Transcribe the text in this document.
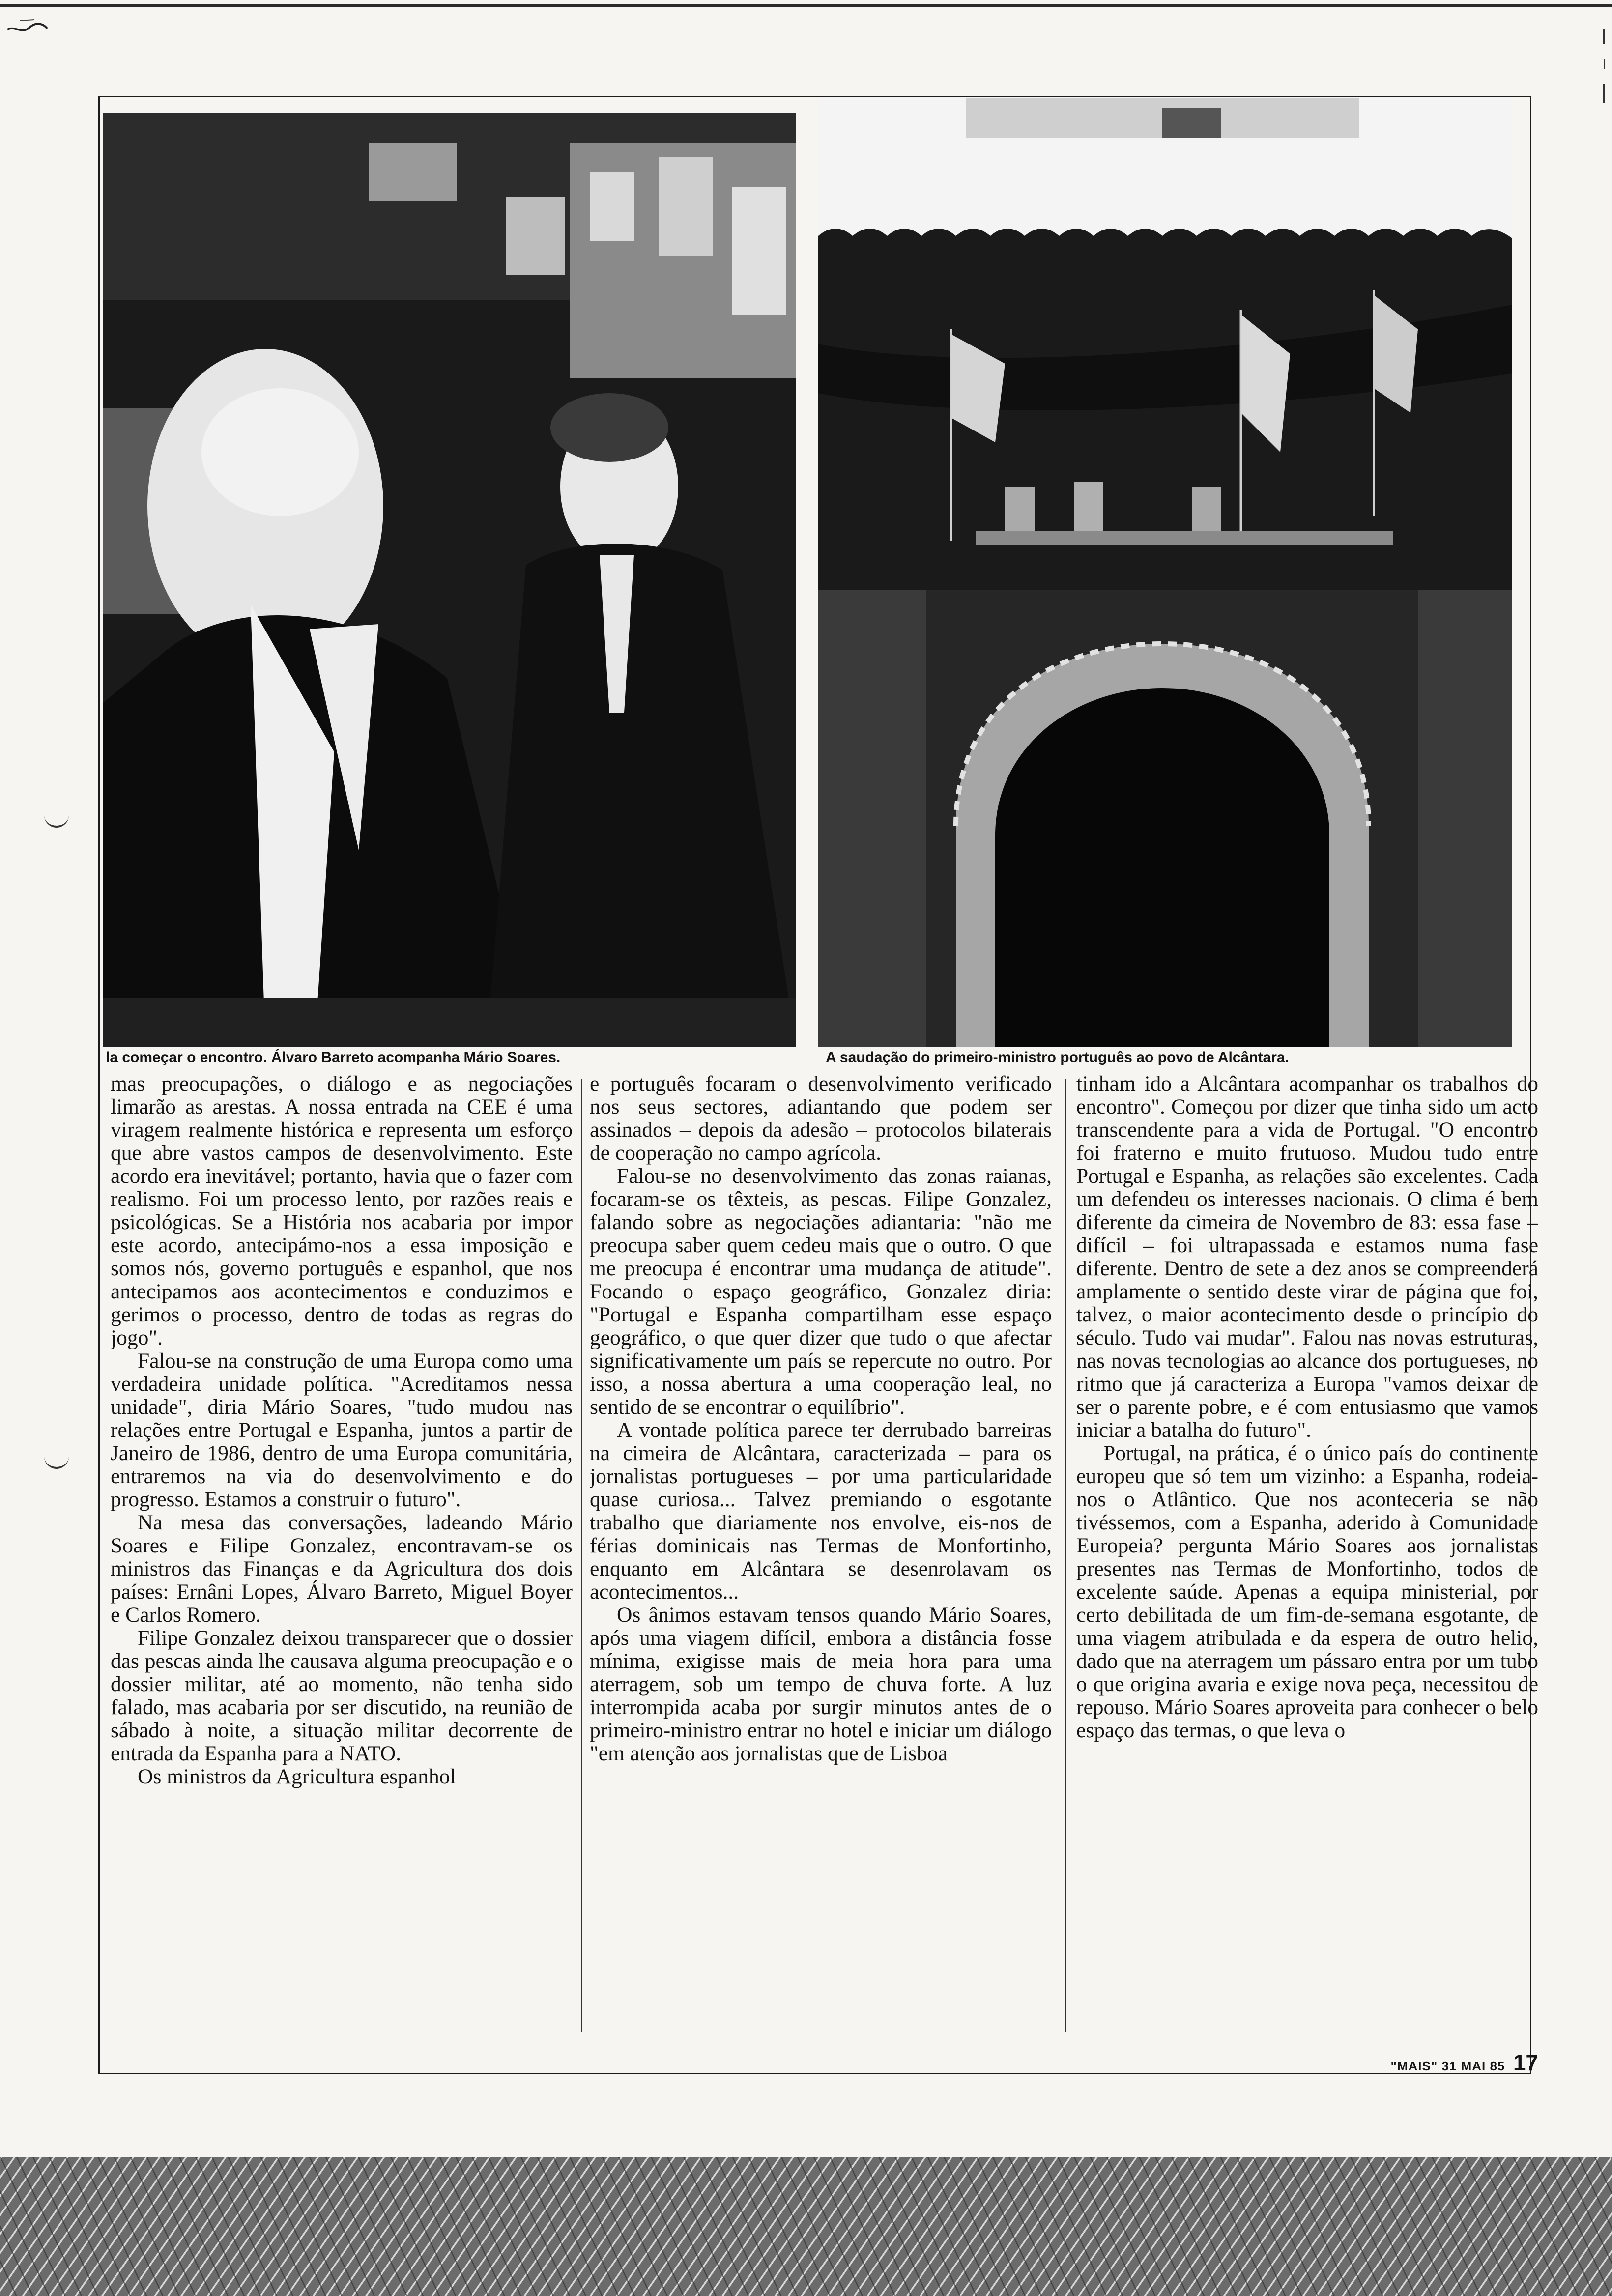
la começar o encontro. Álvaro Barreto acompanha Mário Soares.	A saudação do primeiro-ministro português ao povo de Alcântara.

mas preocupações, o diálogo e as negociações limarão as arestas. A nossa entrada na CEE é uma viragem realmente histórica e representa um esforço que abre vastos campos de desenvolvimento. Este acordo era inevitável; portanto, havia que o fazer com realismo. Foi um processo lento, por razões reais e psicológicas. Se a História nos acabaria por impor este acordo, antecipámo-nos a essa imposição e somos nós, governo português e espanhol, que nos antecipamos aos acontecimentos e conduzimos e gerimos o processo, dentro de todas as regras do jogo".

Falou-se na construção de uma Europa como uma verdadeira unidade política. "Acreditamos nessa unidade", diria Mário Soares, "tudo mudou nas relações entre Portugal e Espanha, juntos a partir de Janeiro de 1986, dentro de uma Europa comunitária, entraremos na via do desenvolvimento e do progresso. Estamos a construir o futuro".

Na mesa das conversações, ladeando Mário Soares e Filipe Gonzalez, encontravam-se os ministros das Finanças e da Agricultura dos dois países: Ernâni Lopes, Álvaro Barreto, Miguel Boyer e Carlos Romero.

Filipe Gonzalez deixou transparecer que o dossier das pescas ainda lhe causava alguma preocupação e o dossier militar, até ao momento, não tenha sido falado, mas acabaria por ser discutido, na reunião de sábado à noite, a situação militar decorrente de entrada da Espanha para a NATO.

Os ministros da Agricultura espanhol

e português focaram o desenvolvimento verificado nos seus sectores, adiantando que podem ser assinados – depois da adesão – protocolos bilaterais de cooperação no campo agrícola.

Falou-se no desenvolvimento das zonas raianas, focaram-se os têxteis, as pescas. Filipe Gonzalez, falando sobre as negociações adiantaria: "não me preocupa saber quem cedeu mais que o outro. O que me preocupa é encontrar uma mudança de atitude". Focando o espaço geográfico, Gonzalez diria: "Portugal e Espanha compartilham esse espaço geográfico, o que quer dizer que tudo o que afectar significativamente um país se repercute no outro. Por isso, a nossa abertura a uma cooperação leal, no sentido de se encontrar o equilíbrio".

A vontade política parece ter derrubado barreiras na cimeira de Alcântara, caracterizada – para os jornalistas portugueses – por uma particularidade quase curiosa... Talvez premiando o esgotante trabalho que diariamente nos envolve, eis-nos de férias dominicais nas Termas de Monfortinho, enquanto em Alcântara se desenrolavam os acontecimentos...

Os ânimos estavam tensos quando Mário Soares, após uma viagem difícil, embora a distância fosse mínima, exigisse mais de meia hora para uma aterragem, sob um tempo de chuva forte. A luz interrompida acaba por surgir minutos antes de o primeiro-ministro entrar no hotel e iniciar um diálogo "em atenção aos jornalistas que de Lisboa

tinham ido a Alcântara acompanhar os trabalhos do encontro". Começou por dizer que tinha sido um acto transcendente para a vida de Portugal. "O encontro foi fraterno e muito frutuoso. Mudou tudo entre Portugal e Espanha, as relações são excelentes. Cada um defendeu os interesses nacionais. O clima é bem diferente da cimeira de Novembro de 83: essa fase – difícil – foi ultrapassada e estamos numa fase diferente. Dentro de sete a dez anos se compreenderá amplamente o sentido deste virar de página que foi, talvez, o maior acontecimento desde o princípio do século. Tudo vai mudar". Falou nas novas estruturas, nas novas tecnologias ao alcance dos portugueses, no ritmo que já caracteriza a Europa "vamos deixar de ser o parente pobre, e é com entusiasmo que vamos iniciar a batalha do futuro".

Portugal, na prática, é o único país do continente europeu que só tem um vizinho: a Espanha, rodeia-nos o Atlântico. Que nos aconteceria se não tivéssemos, com a Espanha, aderido à Comunidade Europeia? pergunta Mário Soares aos jornalistas presentes nas Termas de Monfortinho, todos de excelente saúde. Apenas a equipa ministerial, por certo debilitada de um fim-de-semana esgotante, de uma viagem atribulada e da espera de outro helio, dado que na aterragem um pássaro entra por um tubo o que origina avaria e exige nova peça, necessitou de repouso. Mário Soares aproveita para conhecer o belo espaço das termas, o que leva o

"MAIS" 31 MAI 85 17
